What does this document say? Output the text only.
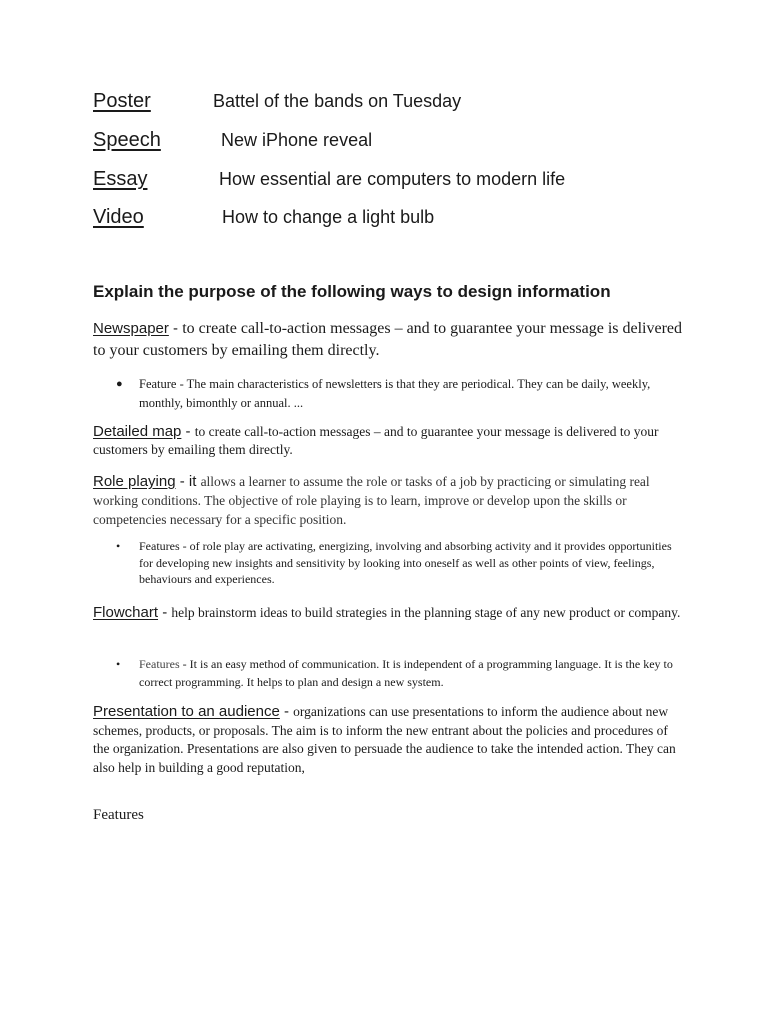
Poster	Battel of the bands on Tuesday
Speech	New iPhone reveal
Essay	How essential are computers to modern life
Video	How to change a light bulb
Explain the purpose of the following ways to design information
Newspaper - to create call-to-action messages – and to guarantee your message is delivered to your customers by emailing them directly.
● Feature - The main characteristics of newsletters is that they are periodical. They can be daily, weekly, monthly, bimonthly or annual. ...
Detailed map - to create call-to-action messages – and to guarantee your message is delivered to your customers by emailing them directly.
Role playing - it allows a learner to assume the role or tasks of a job by practicing or simulating real working conditions. The objective of role playing is to learn, improve or develop upon the skills or competencies necessary for a specific position.
• Features - of role play are activating, energizing, involving and absorbing activity and it provides opportunities for developing new insights and sensitivity by looking into oneself as well as other points of view, feelings, behaviours and experiences.
Flowchart - help brainstorm ideas to build strategies in the planning stage of any new product or company.
• Features - It is an easy method of communication. It is independent of a programming language. It is the key to correct programming. It helps to plan and design a new system.
Presentation to an audience - organizations can use presentations to inform the audience about new schemes, products, or proposals. The aim is to inform the new entrant about the policies and procedures of the organization. Presentations are also given to persuade the audience to take the intended action. They can also help in building a good reputation,
Features
